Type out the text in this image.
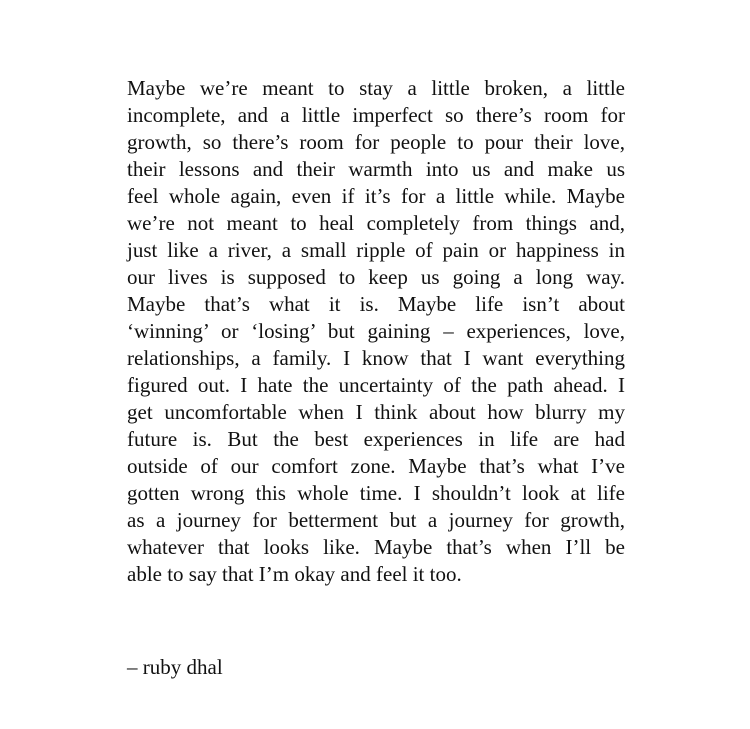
Maybe we’re meant to stay a little broken, a little
incomplete, and a little imperfect so there’s room for
growth, so there’s room for people to pour their love,
their lessons and their warmth into us and make us
feel whole again, even if it’s for a little while. Maybe
we’re not meant to heal completely from things and,
just like a river, a small ripple of pain or happiness in
our lives is supposed to keep us going a long way.
Maybe that’s what it is. Maybe life isn’t about
‘winning’ or ‘losing’ but gaining – experiences, love,
relationships, a family. I know that I want everything
figured out. I hate the uncertainty of the path ahead. I
get uncomfortable when I think about how blurry my
future is. But the best experiences in life are had
outside of our comfort zone. Maybe that’s what I’ve
gotten wrong this whole time. I shouldn’t look at life
as a journey for betterment but a journey for growth,
whatever that looks like. Maybe that’s when I’ll be
able to say that I’m okay and feel it too.

– ruby dhal
